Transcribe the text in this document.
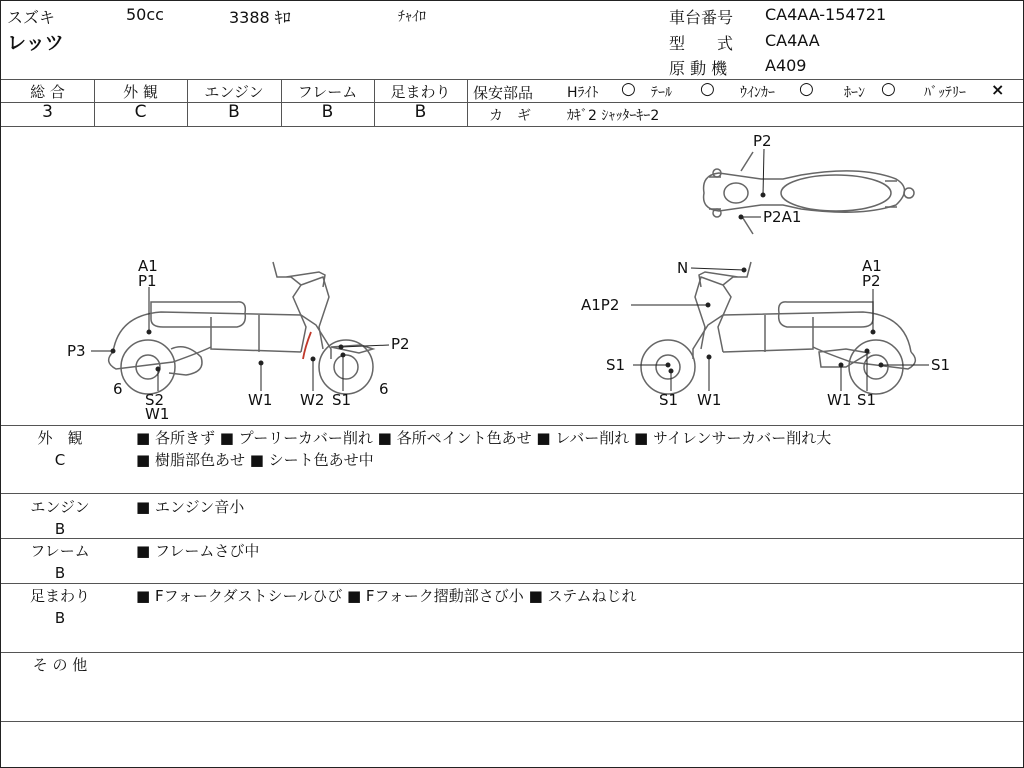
スズキ	50cc	3388 ｷﾛ	ﾁｬｲﾛ
レッツ
車台番号 CA4AA-154721
型　　式 CA4AA
原 動 機 A409
総 合
3
外 観
C
エンジン
B
フレーム
B
足まわり
B
保安部品 Hﾗｲﾄ ○ ﾃｰﾙ ○ ｳｲﾝｶｰ ○ ﾎｰﾝ ○ ﾊﾞｯﾃﾘｰ ×
カ　ギ	ｶｷﾞ2 ｼｬｯﾀｰｷｰ2
P2
P2A1
A1
P1
P3	P2
6
S2
W1
W1 W2 S1
6
N	A1
P2
A1P2
S1
S1 W1	W1 S1
S1
外　観
C
■ 各所きず ■ プーリーカバー削れ ■ 各所ペイント色あせ ■ レバー削れ ■ サイレンサーカバー削れ大
■ 樹脂部色あせ ■ シート色あせ中
エンジン
B
■ エンジン音小
フレーム
B
■ フレームさび中
足まわり
B
■ Fフォークダストシールひび ■ Fフォーク摺動部さび小 ■ ステムねじれ
そ の 他
